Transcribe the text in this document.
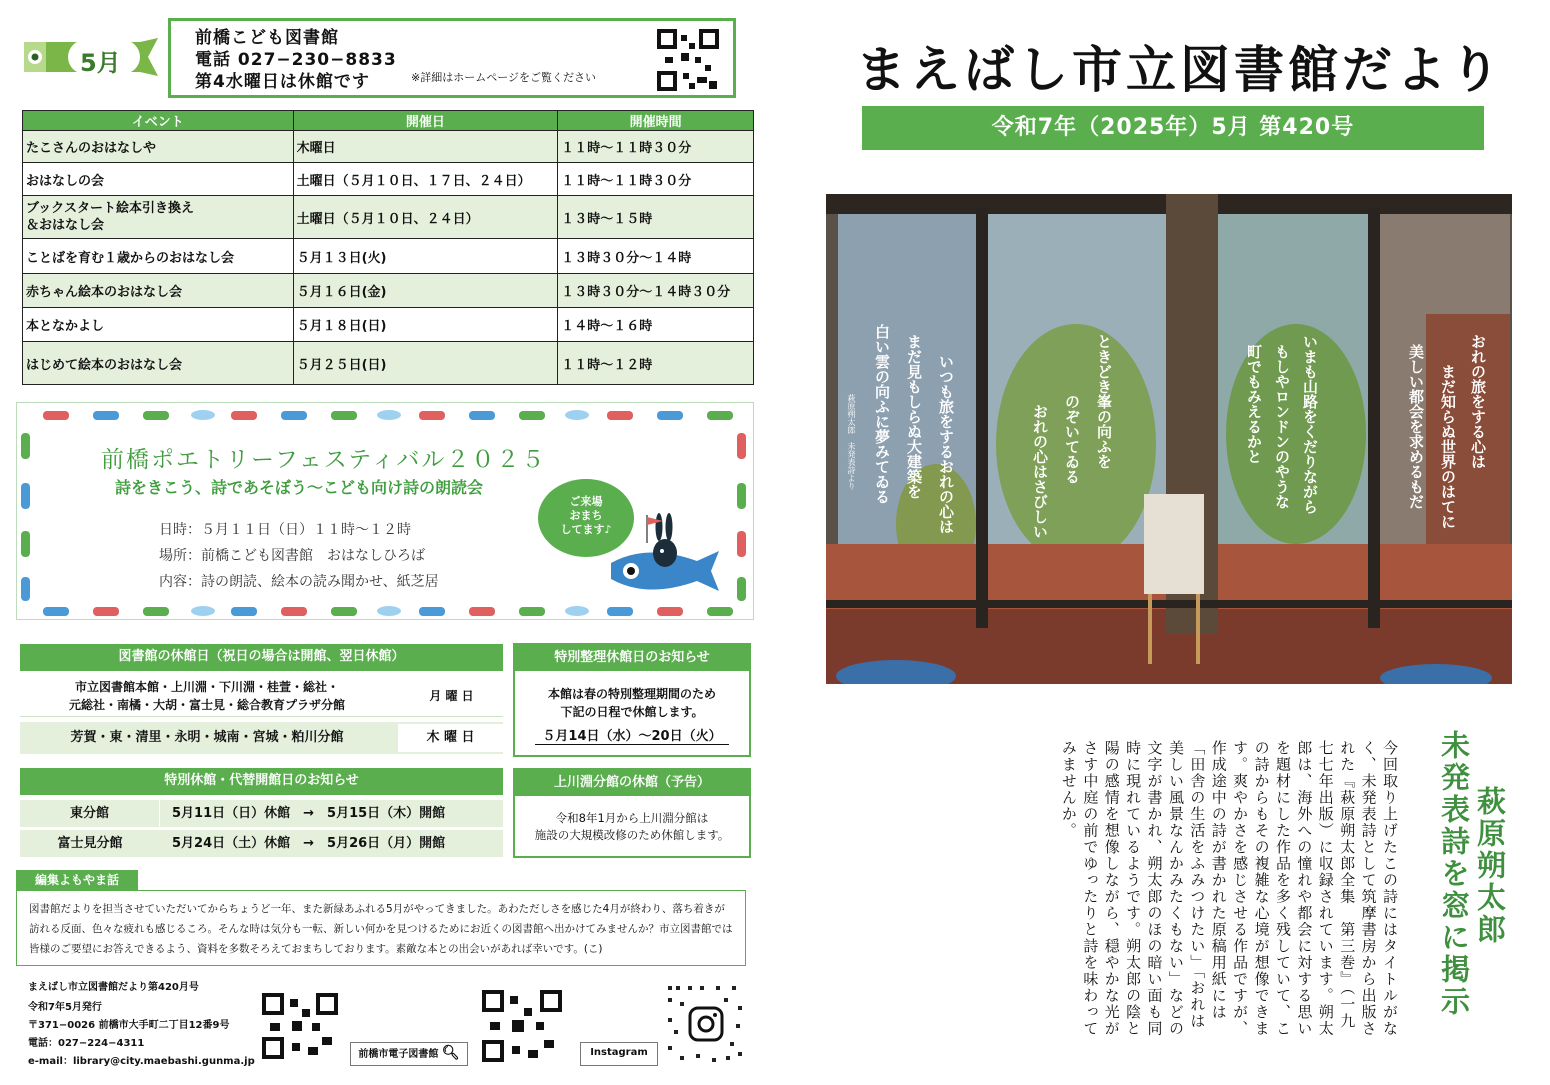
5月
前橋こども図書館
電話 027−230−8833
第4水曜日は休館です	※詳細はホームページをご覧ください
イベント	開催日	開催時間
たこさんのおはなしや	木曜日	１１時〜１１時３０分
おはなしの会	土曜日（５月１０日、１７日、２４日）	１１時〜１１時３０分
ブックスタート絵本引き換え
＆おはなし会	土曜日（５月１０日、２４日）	１３時〜１５時
ことばを育む１歳からのおはなし会	５月１３日(火)	１３時３０分〜１４時
赤ちゃん絵本のおはなし会	５月１６日(金)	１３時３０分〜１４時３０分
本となかよし	５月１８日(日)	１４時〜１６時
はじめて絵本のおはなし会	５月２５日(日)	１１時〜１２時
前橋ポエトリーフェスティバル２０２５
詩をきこう、詩であそぼう〜こども向け詩の朗読会
日時：５月１１日（日）１１時〜１２時
場所：前橋こども図書館　おはなしひろば
内容：詩の朗読、絵本の読み聞かせ、紙芝居
ご来場
おまち
してます♪
図書館の休館日（祝日の場合は開館、翌日休館）
市立図書館本館・上川淵・下川淵・桂萱・総社・
元総社・南橘・大胡・富士見・総合教育プラザ分館
月 曜 日
芳賀・東・清里・永明・城南・宮城・粕川分館	木 曜 日
特別整理休館日のお知らせ
本館は春の特別整理期間のため
下記の日程で休館します。
５月14日（水）〜20日（火）
特別休館・代替開館日のお知らせ
東分館	5月11日（日）休館　→　5月15日（木）開館
富士見分館	5月24日（土）休館　→　5月26日（月）開館
上川淵分館の休館（予告）
令和8年1月から上川淵分館は
施設の大規模改修のため休館します。
編集よもやま話
図書館だよりを担当させていただいてからちょうど一年、また新緑あふれる5月がやってきました。あわただしさを感じた4月が終わり、落ち着きが訪れる反面、色々な疲れも感じるころ。そんな時は気分も一転、新しい何かを見つけるためにお近くの図書館へ出かけてみませんか？市立図書館では皆様のご要望にお答えできるよう、資料を多数そろえておまちしております。素敵な本との出会いがあれば幸いです。(こ)
まえばし市立図書館だより第420月号
令和7年5月発行
〒371−0026 前橋市大手町二丁目12番9号
電話：027−224−4311
e-mail：library@city.maebashi.gunma.jp
前橋市電子図書館 🔍︎	Instagram
まえばし市立図書館だより
令和7年（2025年）5月 第420号
おれの旅をする心は
まだ知らぬ世界のはてに
美しい都会を求めるもだ
いまも山路をくだりながら
もしやロンドンのやうな
町でもみえるかと
ときどき峯の向ふを
のぞいてゐる
おれの心はさびしい
いつも旅をするおれの心は
まだ見もしらぬ大建築を
白い雲の向ふに夢みてゐる
萩原朔太郎　未発表詩より
萩原朔太郎
未発表詩を窓に掲示
今回取り上げたこの詩にはタイトルがなく、未発表詩として筑摩書房から出版された『萩原朔太郎全集　第三巻』（一九七七年出版）に収録されています。朔太郎は、海外への憧れや都会に対する思いを題材にした作品を多く残していて、この詩からもその複雑な心境が想像できます。爽やかさを感じさせる作品ですが、作成途中の詩が書かれた原稿用紙には「田舎の生活をふみつけたい」「おれは美しい風景なんかみたくもない」などの文字が書かれ、朔太郎のほの暗い面も同時に現れているようです。朔太郎の陰と陽の感情を想像しながら、穏やかな光がさす中庭の前でゆったりと詩を味わってみませんか。
